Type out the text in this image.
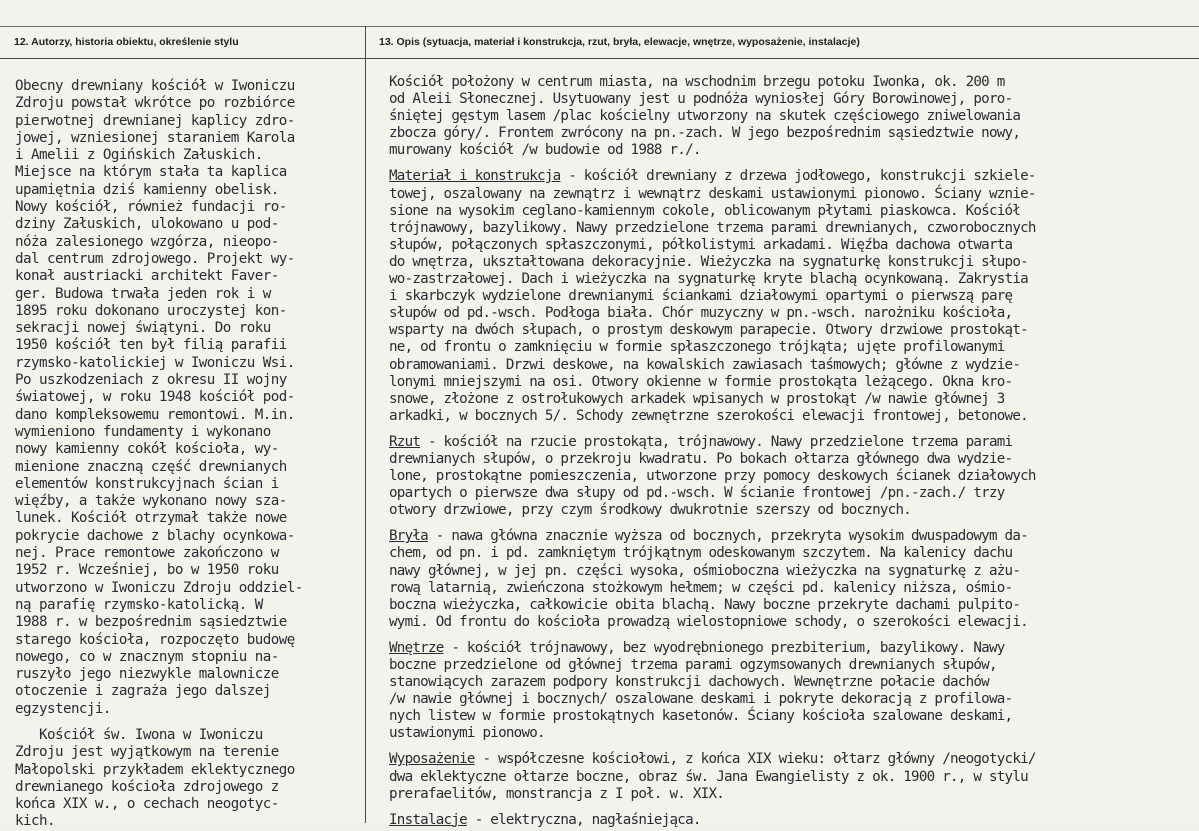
12. Autorzy, historia obiektu, określenie stylu	13. Opis (sytuacja, materiał i konstrukcja, rzut, bryła, elewacje, wnętrze, wyposażenie, instalacje)
Obecny drewniany kościół w Iwoniczu
Zdroju powstał wkrótce po rozbiórce
pierwotnej drewnianej kaplicy zdro-
jowej, wzniesionej staraniem Karola
i Amelii z Ogińskich Załuskich.
Miejsce na którym stała ta kaplica
upamiętnia dziś kamienny obelisk.
Nowy kościół, również fundacji ro-
dziny Załuskich, ulokowano u pod-
nóża zalesionego wzgórza, nieopo-
dal centrum zdrojowego. Projekt wy-
konał austriacki architekt Faver-
ger. Budowa trwała jeden rok i w
1895 roku dokonano uroczystej kon-
sekracji nowej świątyni. Do roku
1950 kościół ten był filią parafii
rzymsko-katolickiej w Iwoniczu Wsi.
Po uszkodzeniach z okresu II wojny
światowej, w roku 1948 kościół pod-
dano kompleksowemu remontowi. M.in.
wymieniono fundamenty i wykonano
nowy kamienny cokół kościoła, wy-
mienione znaczną część drewnianych
elementów konstrukcyjnach ścian i
więźby, a także wykonano nowy sza-
lunek. Kościół otrzymał także nowe
pokrycie dachowe z blachy ocynkowa-
nej. Prace remontowe zakończono w
1952 r. Wcześniej, bo w 1950 roku
utworzono w Iwoniczu Zdroju oddziel-
ną parafię rzymsko-katolicką. W
1988 r. w bezpośrednim sąsiedztwie
starego kościoła, rozpoczęto budowę
nowego, co w znacznym stopniu na-
ruszyło jego niezwykle malownicze
otoczenie i zagraża jego dalszej
egzystencji.
Kościół św. Iwona w Iwoniczu
Zdroju jest wyjątkowym na terenie
Małopolski przykładem eklektycznego
drewnianego kościoła zdrojowego z
końca XIX w., o cechach neogotyc-
kich.
Kościół położony w centrum miasta, na wschodnim brzegu potoku Iwonka, ok. 200 m
od Aleii Słonecznej. Usytuowany jest u podnóża wyniosłej Góry Borowinowej, poro-
śniętej gęstym lasem /plac kościelny utworzony na skutek częściowego zniwelowania
zbocza góry/. Frontem zwrócony na pn.-zach. W jego bezpośrednim sąsiedztwie nowy,
murowany kościół /w budowie od 1988 r./.
Materiał i konstrukcja - kościół drewniany z drzewa jodłowego, konstrukcji szkiele-
towej, oszalowany na zewnątrz i wewnątrz deskami ustawionymi pionowo. Ściany wznie-
sione na wysokim ceglano-kamiennym cokole, oblicowanym płytami piaskowca. Kościół
trójnawowy, bazylikowy. Nawy przedzielone trzema parami drewnianych, czworobocznych
słupów, połączonych spłaszczonymi, półkolistymi arkadami. Więźba dachowa otwarta
do wnętrza, ukształtowana dekoracyjnie. Wieżyczka na sygnaturkę konstrukcji słupo-
wo-zastrzałowej. Dach i wieżyczka na sygnaturkę kryte blachą ocynkowaną. Zakrystia
i skarbczyk wydzielone drewnianymi ściankami działowymi opartymi o pierwszą parę
słupów od pd.-wsch. Podłoga biała. Chór muzyczny w pn.-wsch. narożniku kościoła,
wsparty na dwóch słupach, o prostym deskowym parapecie. Otwory drzwiowe prostokąt-
ne, od frontu o zamknięciu w formie spłaszczonego trójkąta; ujęte profilowanymi
obramowaniami. Drzwi deskowe, na kowalskich zawiasach taśmowych; główne z wydzie-
lonymi mniejszymi na osi. Otwory okienne w formie prostokąta leżącego. Okna kro-
snowe, złożone z ostrołukowych arkadek wpisanych w prostokąt /w nawie głównej 3
arkadki, w bocznych 5/. Schody zewnętrzne szerokości elewacji frontowej, betonowe.
Rzut - kościół na rzucie prostokąta, trójnawowy. Nawy przedzielone trzema parami
drewnianych słupów, o przekroju kwadratu. Po bokach ołtarza głównego dwa wydzie-
lone, prostokątne pomieszczenia, utworzone przy pomocy deskowych ścianek działowych
opartych o pierwsze dwa słupy od pd.-wsch. W ścianie frontowej /pn.-zach./ trzy
otwory drzwiowe, przy czym środkowy dwukrotnie szerszy od bocznych.
Bryła - nawa główna znacznie wyższa od bocznych, przekryta wysokim dwuspadowym da-
chem, od pn. i pd. zamkniętym trójkątnym odeskowanym szczytem. Na kalenicy dachu
nawy głównej, w jej pn. części wysoka, ośmioboczna wieżyczka na sygnaturkę z ażu-
rową latarnią, zwieńczona stożkowym hełmem; w części pd. kalenicy niższa, ośmio-
boczna wieżyczka, całkowicie obita blachą. Nawy boczne przekryte dachami pulpito-
wymi. Od frontu do kościoła prowadzą wielostopniowe schody, o szerokości elewacji.
Wnętrze - kościół trójnawowy, bez wyodrębnionego prezbiterium, bazylikowy. Nawy
boczne przedzielone od głównej trzema parami ogzymsowanych drewnianych słupów,
stanowiących zarazem podpory konstrukcji dachowych. Wewnętrzne połacie dachów
/w nawie głównej i bocznych/ oszalowane deskami i pokryte dekoracją z profilowa-
nych listew w formie prostokątnych kasetonów. Ściany kościoła szalowane deskami,
ustawionymi pionowo.
Wyposażenie - współczesne kościołowi, z końca XIX wieku: ołtarz główny /neogotycki/
dwa eklektyczne ołtarze boczne, obraz św. Jana Ewangielisty z ok. 1900 r., w stylu
prerafaelitów, monstrancja z I poł. w. XIX.
Instalacje - elektryczna, nagłaśniejąca.
